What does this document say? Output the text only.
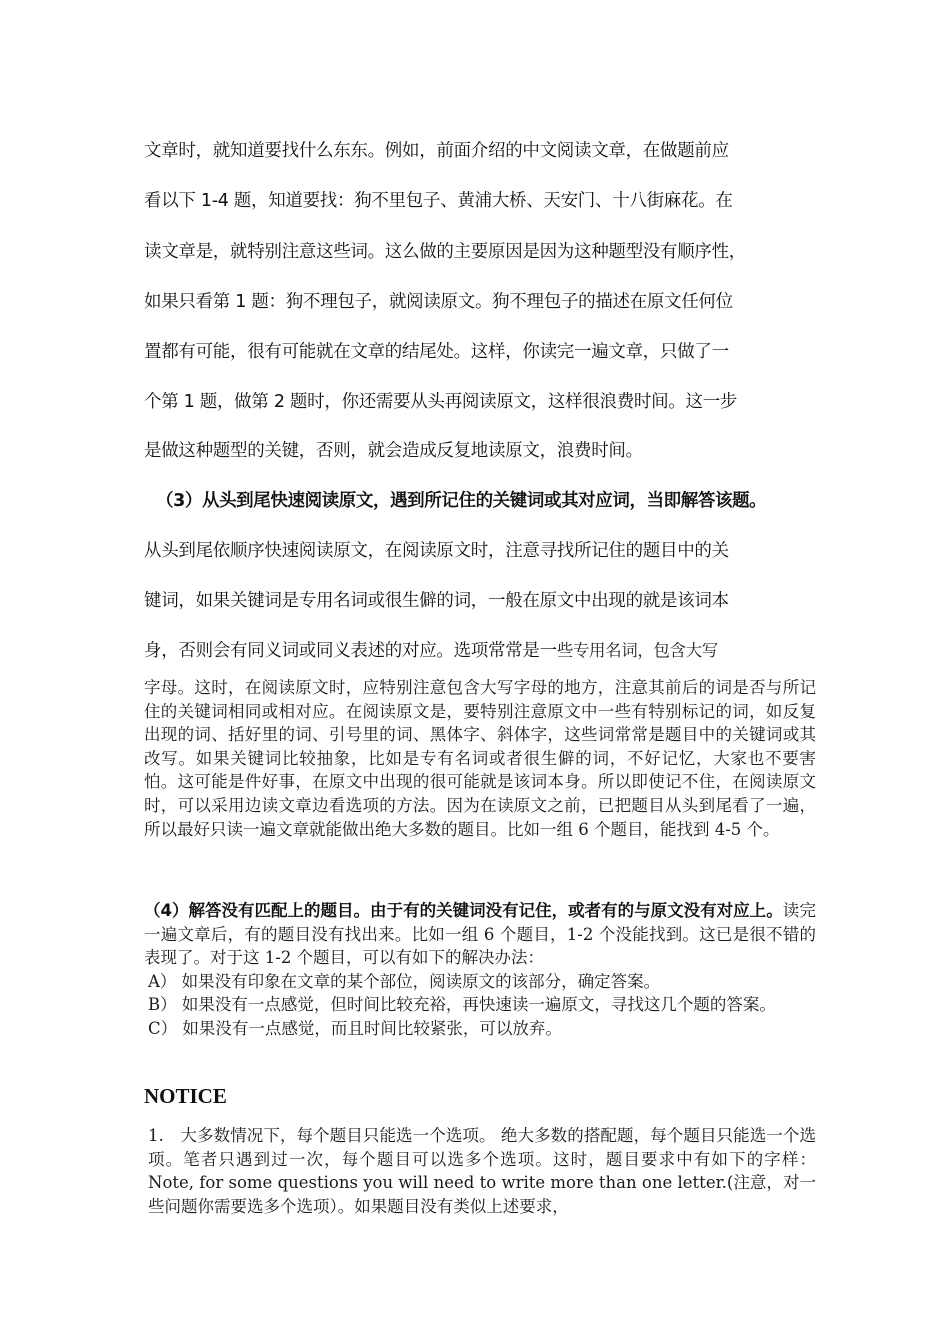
文章时，就知道要找什么东东。例如，前面介绍的中文阅读文章，在做题前应
看以下 1-4 题，知道要找：狗不里包子、黄浦大桥、天安门、十八街麻花。在
读文章是，就特别注意这些词。这么做的主要原因是因为这种题型没有顺序性，
如果只看第 1 题：狗不理包子，就阅读原文。狗不理包子的描述在原文任何位
置都有可能，很有可能就在文章的结尾处。这样，你读完一遍文章，只做了一
个第 1 题，做第 2 题时，你还需要从头再阅读原文，这样很浪费时间。这一步
是做这种题型的关键，否则，就会造成反复地读原文，浪费时间。
（3）从头到尾快速阅读原文，遇到所记住的关键词或其对应词，当即解答该题。
从头到尾依顺序快速阅读原文，在阅读原文时，注意寻找所记住的题目中的关
键词，如果关键词是专用名词或很生僻的词，一般在原文中出现的就是该词本
身，否则会有同义词或同义表述的对应。选项常常是一些专用名词，包含大写

字母。这时，在阅读原文时，应特别注意包含大写字母的地方，注意其前后的词是否与所记住的关键词相同或相对应。在阅读原文是，要特别注意原文中一些有特别标记的词，如反复出现的词、括好里的词、引号里的词、黑体字、斜体字，这些词常常是题目中的关键词或其改写。如果关键词比较抽象，比如是专有名词或者很生僻的词，不好记忆，大家也不要害怕。这可能是件好事，在原文中出现的很可能就是该词本身。所以即使记不住，在阅读原文时，可以采用边读文章边看选项的方法。因为在读原文之前，已把题目从头到尾看了一遍，所以最好只读一遍文章就能做出绝大多数的题目。比如一组 6 个题目，能找到 4-5 个。

（4）解答没有匹配上的题目。由于有的关键词没有记住，或者有的与原文没有对应上。读完一遍文章后，有的题目没有找出来。比如一组 6 个题目，1-2 个没能找到。这已是很不错的表现了。对于这 1-2 个题目，可以有如下的解决办法：

A） 如果没有印象在文章的某个部位，阅读原文的该部分，确定答案。

B） 如果没有一点感觉，但时间比较充裕，再快速读一遍原文，寻找这几个题的答案。

C） 如果没有一点感觉，而且时间比较紧张，可以放弃。

NOTICE

1.　大多数情况下，每个题目只能选一个选项。 绝大多数的搭配题，每个题目只能选一个选项。笔者只遇到过一次，每个题目可以选多个选项。这时，题目要求中有如下的字样：Note, for some questions you will need to write more than one letter.(注意，对一些问题你需要选多个选项）。如果题目没有类似上述要求，
